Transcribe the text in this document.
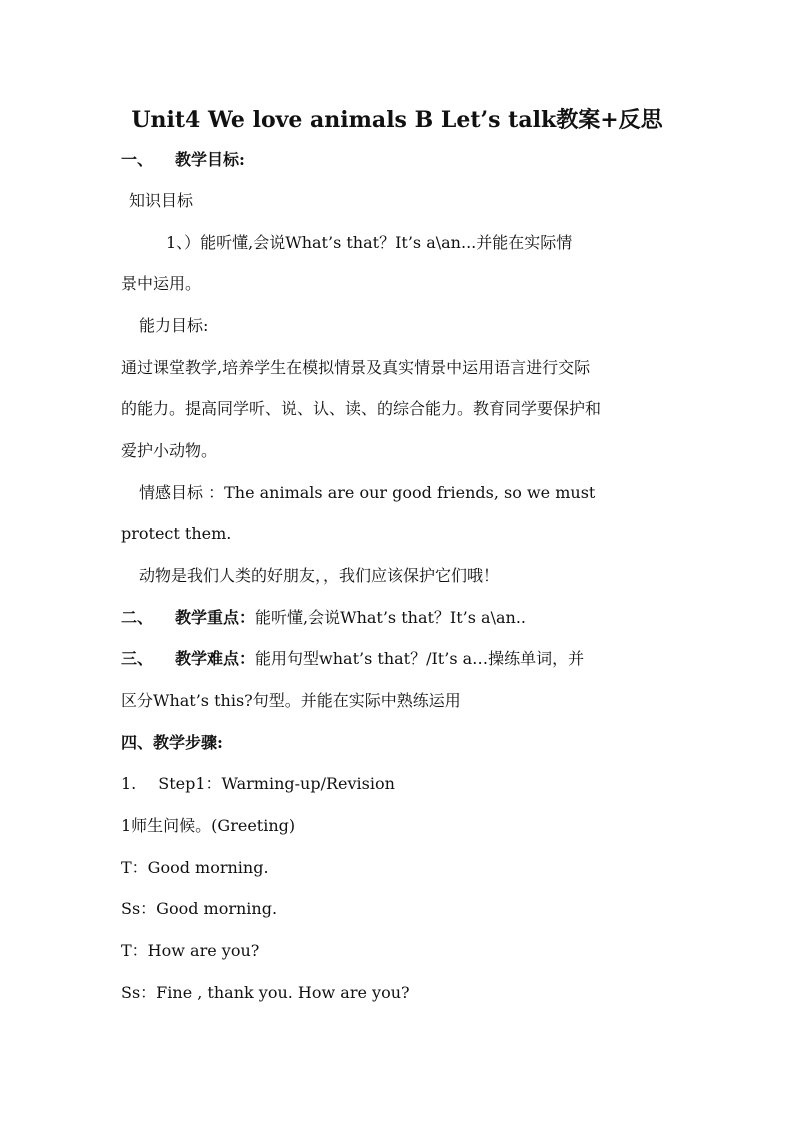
Unit4 We love animals B Let’s talk教案+反思
一、 教学目标:
知识目标
1、）能听懂,会说What’s that？It’s a\an...并能在实际情
景中运用。
能力目标:
通过课堂教学,培养学生在模拟情景及真实情景中运用语言进行交际
的能力。提高同学听、说、认、读、的综合能力。教育同学要保护和
爱护小动物。
情感目标 ：The animals are our good friends, so we must
protect them.
动物是我们人类的好朋友，，我们应该保护它们哦！
二、 教学重点：能听懂,会说What’s that？It’s a\an..
三、 教学难点：能用句型what’s that？/It’s a…操练单词，并
区分What’s this?句型。并能在实际中熟练运用
四、教学步骤:
1. Step1：Warming-up/Revision
1师生问候。(Greeting)
T：Good morning.
Ss：Good morning.
T：How are you?
Ss：Fine , thank you. How are you?
